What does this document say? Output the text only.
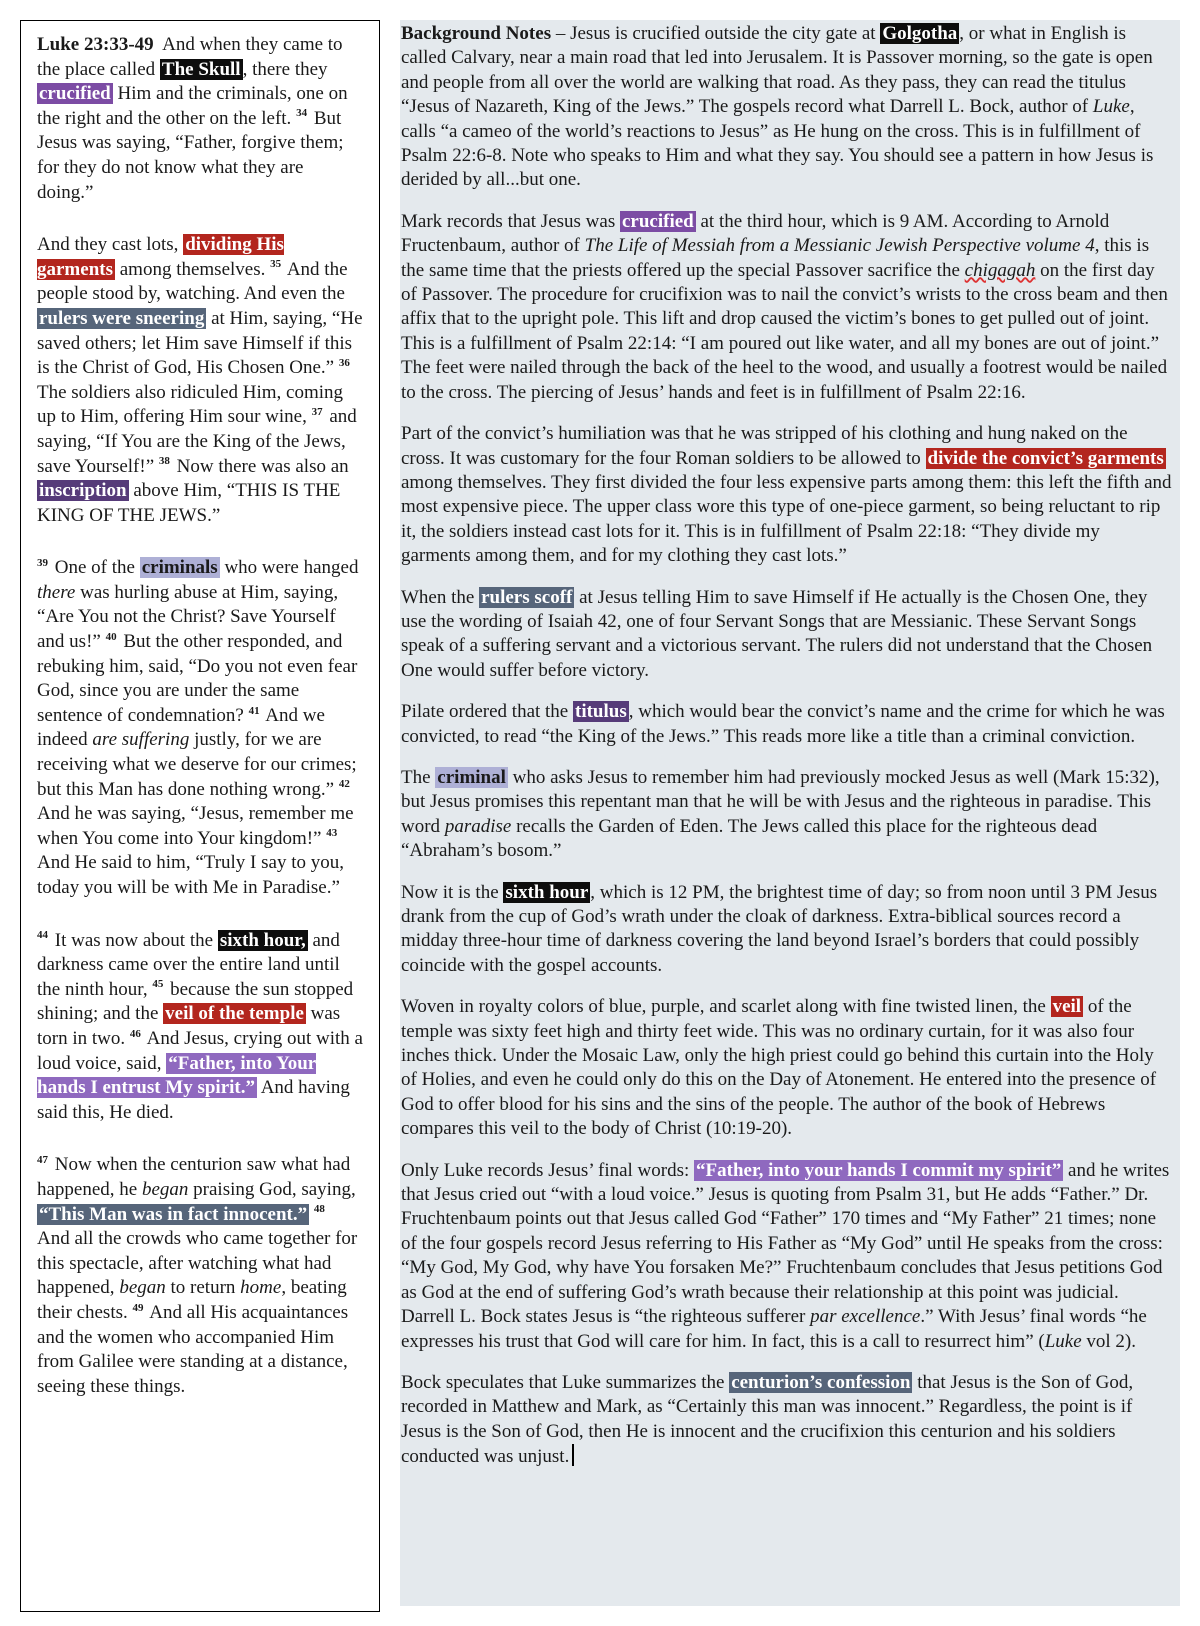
Luke 23:33-49 And when they came to the place called The Skull , there they crucified Him and the criminals, one on the right and the other on the left. $^{34}$ But Jesus was saying, “Father, forgive them; for they do not know what they are doing.”

And they cast lots, dividing His garments among themselves. $^{35}$ And the people stood by, watching. And even the rulers were sneering at Him, saying, “He saved others; let Him save Himself if this is the Christ of God, His Chosen One.” $^{36}$ The soldiers also ridiculed Him, coming up to Him, offering Him sour wine, $^{37}$ and saying, “If You are the King of the Jews, save Yourself!” $^{38}$ Now there was also an inscription above Him, “THIS IS THE KING OF THE JEWS.”

$^{39}$ One of the criminals who were hanged there was hurling abuse at Him, saying, “Are You not the Christ? Save Yourself and us!” $^{40}$ But the other responded, and rebuking him, said, “Do you not even fear God, since you are under the same sentence of condemnation? $^{41}$ And we indeed are suffering justly, for we are receiving what we deserve for our crimes; but this Man has done nothing wrong.” $^{42}$ And he was saying, “Jesus, remember me when You come into Your kingdom!” $^{43}$ And He said to him, “Truly I say to you, today you will be with Me in Paradise.”

$^{44}$ It was now about the sixth hour, and darkness came over the entire land until the ninth hour, $^{45}$ because the sun stopped shining; and the veil of the temple was torn in two. $^{46}$ And Jesus, crying out with a loud voice, said, “Father, into Your hands I entrust My spirit.” And having said this, He died.

$^{47}$ Now when the centurion saw what had happened, he began praising God, saying, “This Man was in fact innocent.” $^{48}$ And all the crowds who came together for this spectacle, after watching what had happened, began to return home, beating their chests. $^{49}$ And all His acquaintances and the women who accompanied Him from Galilee were standing at a distance, seeing these things.

Background Notes – Jesus is crucified outside the city gate at Golgotha , or what in English is called Calvary, near a main road that led into Jerusalem. It is Passover morning, so the gate is open and people from all over the world are walking that road. As they pass, they can read the titulus “Jesus of Nazareth, King of the Jews.” The gospels record what Darrell L. Bock, author of Luke, calls “a cameo of the world’s reactions to Jesus” as He hung on the cross. This is in fulfillment of Psalm 22:6-8. Note who speaks to Him and what they say. You should see a pattern in how Jesus is derided by all...but one.

Mark records that Jesus was crucified at the third hour, which is 9 AM. According to Arnold Fructenbaum, author of The Life of Messiah from a Messianic Jewish Perspective volume 4, this is the same time that the priests offered up the special Passover sacrifice the chigagah on the first day of Passover. The procedure for crucifixion was to nail the convict’s wrists to the cross beam and then affix that to the upright pole. This lift and drop caused the victim’s bones to get pulled out of joint. This is a fulfillment of Psalm 22:14: “I am poured out like water, and all my bones are out of joint.” The feet were nailed through the back of the heel to the wood, and usually a footrest would be nailed to the cross. The piercing of Jesus’ hands and feet is in fulfillment of Psalm 22:16.

Part of the convict’s humiliation was that he was stripped of his clothing and hung naked on the cross. It was customary for the four Roman soldiers to be allowed to divide the convict’s garments among themselves. They first divided the four less expensive parts among them: this left the fifth and most expensive piece. The upper class wore this type of one-piece garment, so being reluctant to rip it, the soldiers instead cast lots for it. This is in fulfillment of Psalm 22:18: “They divide my garments among them, and for my clothing they cast lots.”

When the rulers scoff at Jesus telling Him to save Himself if He actually is the Chosen One, they use the wording of Isaiah 42, one of four Servant Songs that are Messianic. These Servant Songs speak of a suffering servant and a victorious servant. The rulers did not understand that the Chosen One would suffer before victory.

Pilate ordered that the titulus , which would bear the convict’s name and the crime for which he was convicted, to read “the King of the Jews.” This reads more like a title than a criminal conviction.

The criminal who asks Jesus to remember him had previously mocked Jesus as well (Mark 15:32), but Jesus promises this repentant man that he will be with Jesus and the righteous in paradise. This word paradise recalls the Garden of Eden. The Jews called this place for the righteous dead “Abraham’s bosom.”

Now it is the sixth hour , which is 12 PM, the brightest time of day; so from noon until 3 PM Jesus drank from the cup of God’s wrath under the cloak of darkness. Extra-biblical sources record a midday three-hour time of darkness covering the land beyond Israel’s borders that could possibly coincide with the gospel accounts.

Woven in royalty colors of blue, purple, and scarlet along with fine twisted linen, the veil of the temple was sixty feet high and thirty feet wide. This was no ordinary curtain, for it was also four inches thick. Under the Mosaic Law, only the high priest could go behind this curtain into the Holy of Holies, and even he could only do this on the Day of Atonement. He entered into the presence of God to offer blood for his sins and the sins of the people. The author of the book of Hebrews compares this veil to the body of Christ (10:19-20).

Only Luke records Jesus’ final words: “Father, into your hands I commit my spirit” and he writes that Jesus cried out “with a loud voice.” Jesus is quoting from Psalm 31, but He adds “Father.” Dr. Fruchtenbaum points out that Jesus called God “Father” 170 times and “My Father” 21 times; none of the four gospels record Jesus referring to His Father as “My God” until He speaks from the cross: “My God, My God, why have You forsaken Me?” Fruchtenbaum concludes that Jesus petitions God as God at the end of suffering God’s wrath because their relationship at this point was judicial. Darrell L. Bock states Jesus is “the righteous sufferer par excellence.” With Jesus’ final words “he expresses his trust that God will care for him. In fact, this is a call to resurrect him” (Luke vol 2).

Bock speculates that Luke summarizes the centurion’s confession that Jesus is the Son of God, recorded in Matthew and Mark, as “Certainly this man was innocent.” Regardless, the point is if Jesus is the Son of God, then He is innocent and the crucifixion this centurion and his soldiers conducted was unjust.
